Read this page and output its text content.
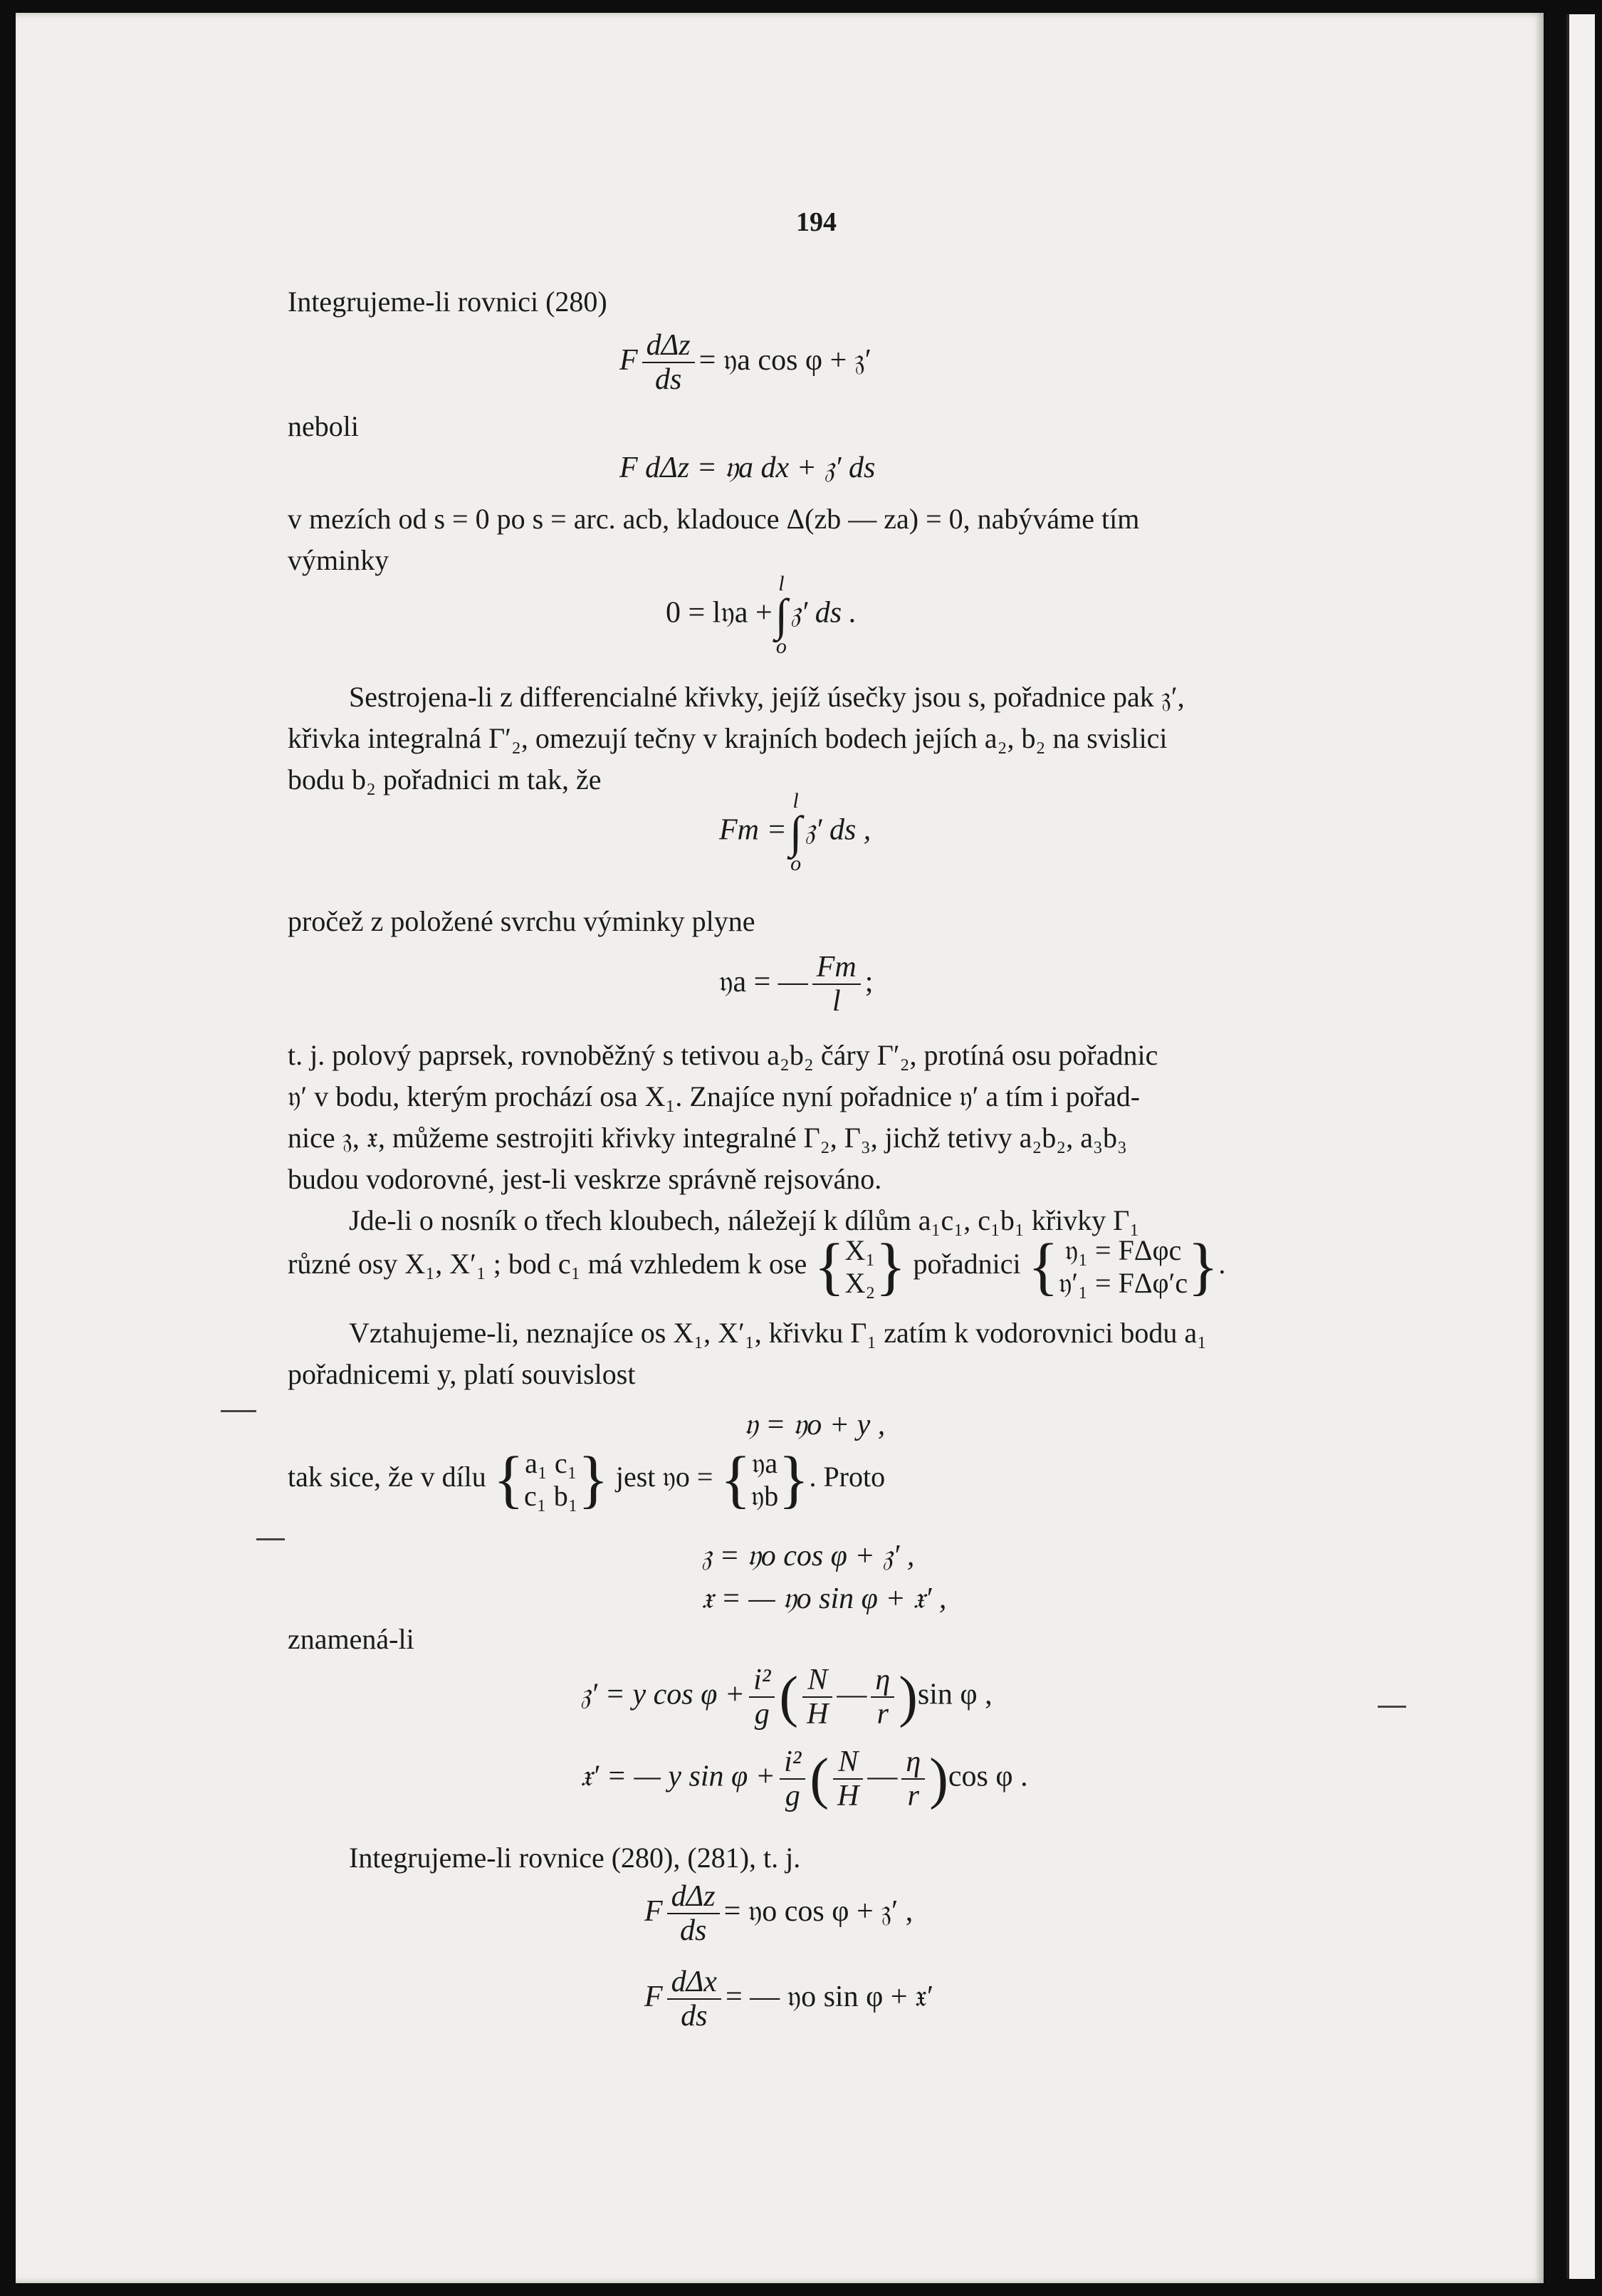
194
Integrujeme-li rovnici (280)
F $\frac{\text{dΔz}}{ds}$ = 𝔶a cos φ + 𝔷′
neboli
F dΔz = 𝔶a dx + 𝔷′ ds
v mezích od s = 0 po s = arc. acb, kladouce Δ(zb — za) = 0, nabýváme tím
výminky
0 = l𝔶a +
l
∫
o
𝔷′ ds .
Sestrojena-li z differencialné křivky, jejíž úsečky jsou s, pořadnice pak 𝔷′,
křivka integralná Γ′₂, omezují tečny v krajních bodech jejích a₂, b₂ na svislici
bodu b₂ pořadnici m tak, že
Fm =
l
∫
o
𝔷′ ds ,
pročež z položené svrchu výminky plyne
𝔶a = — $\frac{Fm}{l}$ ;
t. j. polový paprsek, rovnoběžný s tetivou a₂b₂ čáry Γ′₂, protíná osu pořadnic
𝔶′ v bodu, kterým prochází osa X₁. Znajíce nyní pořadnice 𝔶′ a tím i pořad-
nice 𝔷, 𝔵, můžeme sestrojiti křivky integralné Γ₂, Γ₃, jichž tetivy a₂b₂, a₃b₃
budou vodorovné, jest-li veskrze správně rejsováno.
Jde-li o nosník o třech kloubech, náležejí k dílům a₁c₁, c₁b₁ křivky Γ₁
různé osy X₁, X′₁ ; bod c₁ má vzhledem k ose { X₁
X₂ } pořadnici { 𝔶₁ = FΔφc
𝔶′₁ = FΔφ′c }.
Vztahujeme-li, neznajíce os X₁, X′₁, křivku Γ₁ zatím k vodorovnici bodu a₁
pořadnicemi y, platí souvislost
𝔶 = 𝔶o + y ,
tak sice, že v dílu { a₁ c₁
c₁ b₁ } jest 𝔶o = { 𝔶a
𝔶b }. Proto
𝔷 = 𝔶o cos φ + 𝔷′ ,
𝔵 = — 𝔶o sin φ + 𝔵′ ,
znamená-li
𝔷′ = y $\cos \varphi + \frac{\text{i²}}{g}$ ( $\frac{N}{H}$ — $\frac{\eta}{r} )\sin$ φ ,
𝔵′ = — y $\sin \varphi + \frac{\text{i²}}{g}$ ( $\frac{N}{H}$ — $\frac{\eta}{r} )\cos$ φ .
Integrujeme-li rovnice (280), (281), t. j.
F $\frac{\text{dΔz}}{ds}$ = 𝔶o cos φ + 𝔷′ ,
F $\frac{\text{dΔx}}{ds}$ = — 𝔶o sin φ + 𝔵′
